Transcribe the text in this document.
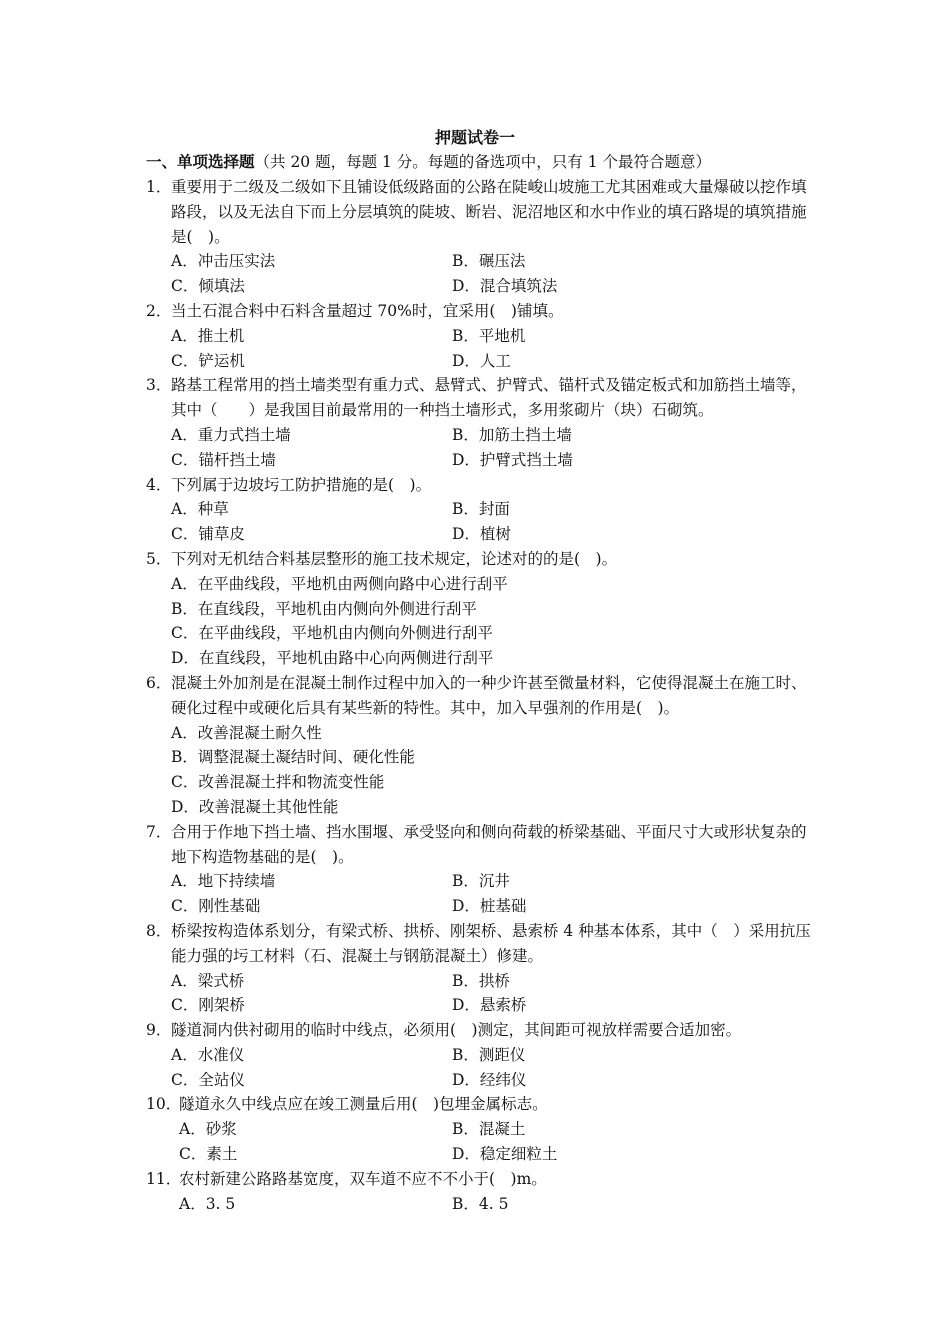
押题试卷一
一、单项选择题（共 20 题，每题 1 分。每题的备选项中，只有 1 个最符合题意）
1． 重要用于二级及二级如下且铺设低级路面的公路在陡峻山坡施工尤其困难或大量爆破以挖作填路段，以及无法自下而上分层填筑的陡坡、断岩、泥沼地区和水中作业的填石路堤的填筑措施是(　)。
A．冲击压实法	B．碾压法
C．倾填法	D．混合填筑法
2． 当土石混合料中石料含量超过 70%时，宜采用(　)铺填。
A．推土机	B．平地机
C．铲运机	D．人工
3． 路基工程常用的挡土墙类型有重力式、悬臂式、护臂式、锚杆式及锚定板式和加筋挡土墙等，其中（　　）是我国目前最常用的一种挡土墙形式，多用浆砌片（块）石砌筑。
A．重力式挡土墙	B．加筋土挡土墙
C．锚杆挡土墙	D．护臂式挡土墙
4． 下列属于边坡圬工防护措施的是(　)。
A．种草	B．封面
C．铺草皮	D．植树
5． 下列对无机结合料基层整形的施工技术规定，论述对的的是(　)。
A．在平曲线段，平地机由两侧向路中心进行刮平
B．在直线段，平地机由内侧向外侧进行刮平
C．在平曲线段，平地机由内侧向外侧进行刮平
D．在直线段，平地机由路中心向两侧进行刮平
6． 混凝土外加剂是在混凝土制作过程中加入的一种少许甚至微量材料，它使得混凝土在施工时、硬化过程中或硬化后具有某些新的特性。其中，加入早强剂的作用是(　)。
A．改善混凝土耐久性
B．调整混凝土凝结时间、硬化性能
C．改善混凝土拌和物流变性能
D．改善混凝土其他性能
7． 合用于作地下挡土墙、挡水围堰、承受竖向和侧向荷载的桥梁基础、平面尺寸大或形状复杂的地下构造物基础的是(　)。
A．地下持续墙	B．沉井
C．刚性基础	D．桩基础
8． 桥梁按构造体系划分，有梁式桥、拱桥、刚架桥、悬索桥 4 种基本体系，其中（　）采用抗压能力强的圬工材料（石、混凝土与钢筋混凝土）修建。
A．梁式桥	B．拱桥
C．刚架桥	D．悬索桥
9． 隧道洞内供衬砌用的临时中线点，必须用(　)测定，其间距可视放样需要合适加密。
A．水准仪	B．测距仪
C．全站仪	D．经纬仪
10．
隧道永久中线点应在竣工测量后用(　)包埋金属标志。
A．砂浆	B．混凝土
C．素土	D．稳定细粒土
11．
农村新建公路路基宽度，双车道不应不不小于(　)m。
A．3. 5	B．4. 5
